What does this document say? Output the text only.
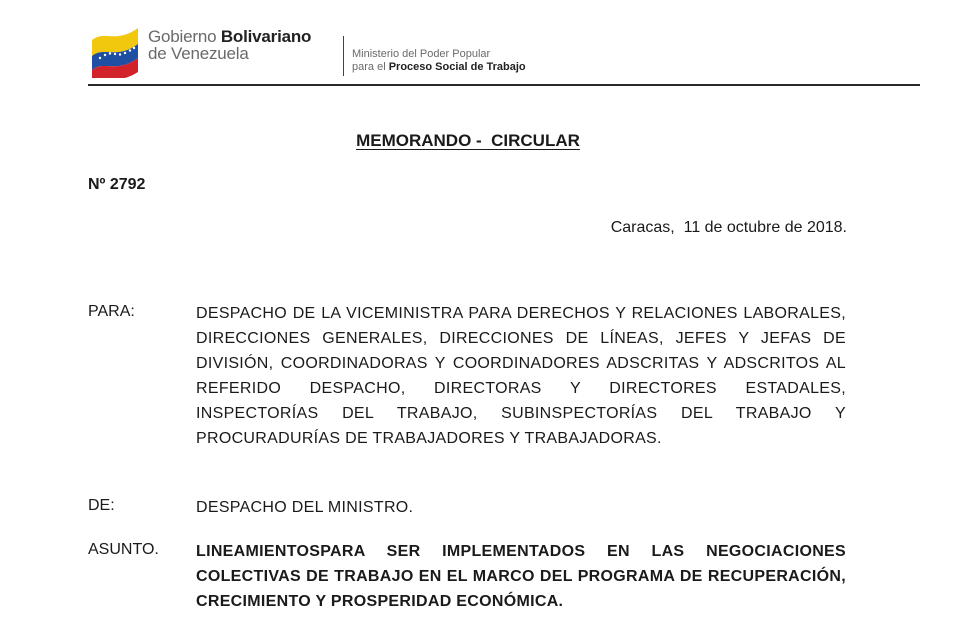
Gobierno Bolivariano
de Venezuela	Ministerio del Poder Popular
para el Proceso Social de Trabajo
MEMORANDO -  CIRCULAR
Nº 2792
Caracas,  11 de octubre de 2018.
PARA:	DESPACHO DE LA VICEMINISTRA PARA DERECHOS Y RELACIONES LABORALES, DIRECCIONES GENERALES, DIRECCIONES DE LÍNEAS, JEFES Y JEFAS DE DIVISIÓN, COORDINADORAS Y COORDINADORES ADSCRITAS Y ADSCRITOS AL REFERIDO DESPACHO, DIRECTORAS Y DIRECTORES ESTADALES, INSPECTORÍAS DEL TRABAJO, SUBINSPECTORÍAS DEL TRABAJO Y PROCURADURÍAS DE TRABAJADORES Y TRABAJADORAS.
DE:	DESPACHO DEL MINISTRO.
ASUNTO. LINEAMIENTOSPARA SER IMPLEMENTADOS EN LAS NEGOCIACIONES COLECTIVAS DE TRABAJO EN EL MARCO DEL PROGRAMA DE RECUPERACIÓN, CRECIMIENTO Y PROSPERIDAD ECONÓMICA.
